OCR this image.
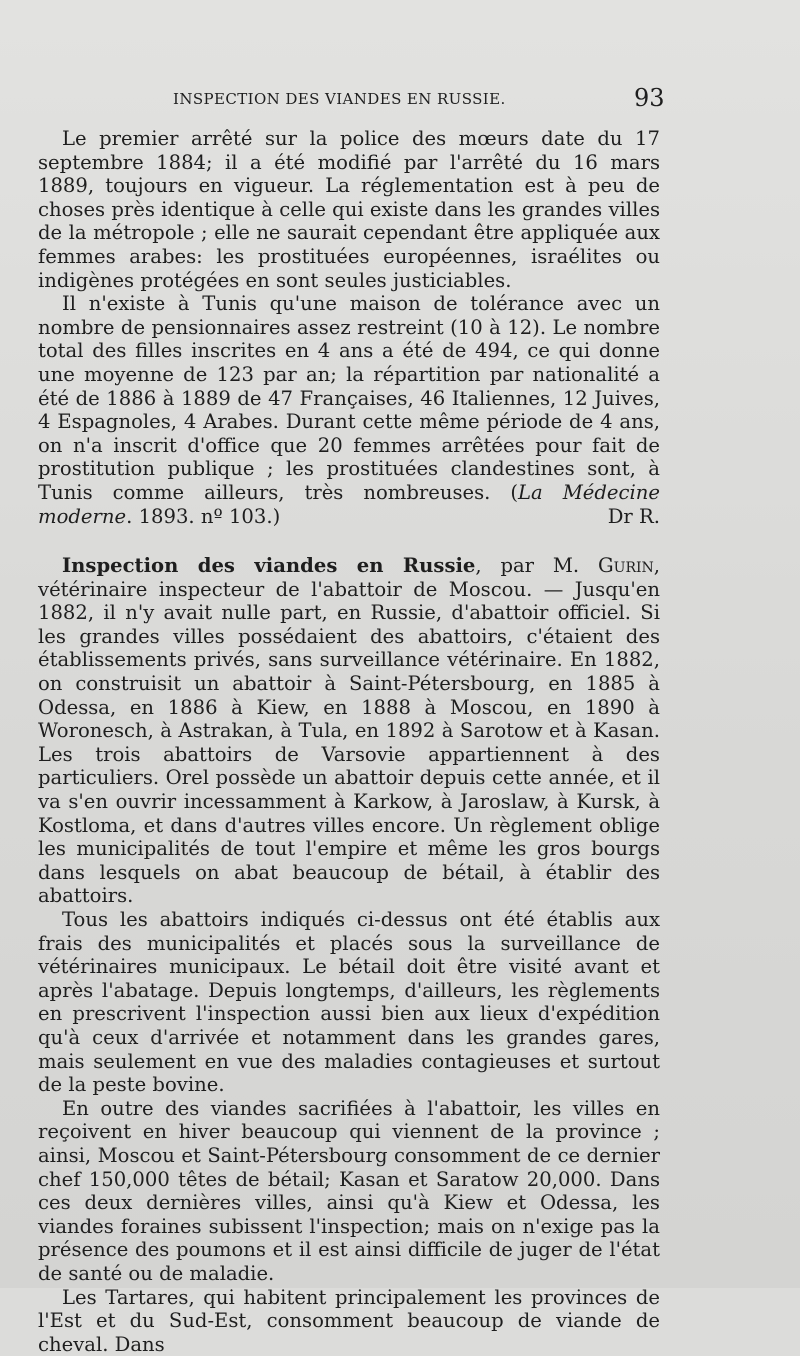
INSPECTION DES VIANDES EN RUSSIE.	93

Le premier arrêté sur la police des mœurs date du 17 septembre 1884; il a été modifié par l'arrêté du 16 mars 1889, toujours en vigueur. La réglementation est à peu de choses près identique à celle qui existe dans les grandes villes de la métropole ; elle ne saurait cependant être appliquée aux femmes arabes: les prostituées européennes, israélites ou indigènes protégées en sont seules justiciables.

Il n'existe à Tunis qu'une maison de tolérance avec un nombre de pensionnaires assez restreint (10 à 12). Le nombre total des filles inscrites en 4 ans a été de 494, ce qui donne une moyenne de 123 par an; la répartition par nationalité a été de 1886 à 1889 de 47 Françaises, 46 Italiennes, 12 Juives, 4 Espagnoles, 4 Arabes. Durant cette même période de 4 ans, on n'a inscrit d'office que 20 femmes arrêtées pour fait de prostitution publique ; les prostituées clandestines sont, à Tunis comme ailleurs, très nombreuses. (La Médecine moderne. 1893. nº 103.)	Dr R.

Inspection des viandes en Russie, par M. Gurin, vétérinaire inspecteur de l'abattoir de Moscou. — Jusqu'en 1882, il n'y avait nulle part, en Russie, d'abattoir officiel. Si les grandes villes possédaient des abattoirs, c'étaient des établissements privés, sans surveillance vétérinaire. En 1882, on construisit un abattoir à Saint-Pétersbourg, en 1885 à Odessa, en 1886 à Kiew, en 1888 à Moscou, en 1890 à Woronesch, à Astrakan, à Tula, en 1892 à Sarotow et à Kasan. Les trois abattoirs de Varsovie appartiennent à des particuliers. Orel possède un abattoir depuis cette année, et il va s'en ouvrir incessamment à Karkow, à Jaroslaw, à Kursk, à Kostloma, et dans d'autres villes encore. Un règlement oblige les municipalités de tout l'empire et même les gros bourgs dans lesquels on abat beaucoup de bétail, à établir des abattoirs.

Tous les abattoirs indiqués ci-dessus ont été établis aux frais des municipalités et placés sous la surveillance de vétérinaires municipaux. Le bétail doit être visité avant et après l'abatage. Depuis longtemps, d'ailleurs, les règlements en prescrivent l'inspection aussi bien aux lieux d'expédition qu'à ceux d'arrivée et notamment dans les grandes gares, mais seulement en vue des maladies contagieuses et surtout de la peste bovine.

En outre des viandes sacrifiées à l'abattoir, les villes en reçoivent en hiver beaucoup qui viennent de la province ; ainsi, Moscou et Saint-Pétersbourg consomment de ce dernier chef 150,000 têtes de bétail; Kasan et Saratow 20,000. Dans ces deux dernières villes, ainsi qu'à Kiew et Odessa, les viandes foraines subissent l'inspection; mais on n'exige pas la présence des poumons et il est ainsi difficile de juger de l'état de santé ou de maladie.

Les Tartares, qui habitent principalement les provinces de l'Est et du Sud-Est, consomment beaucoup de viande de cheval. Dans
